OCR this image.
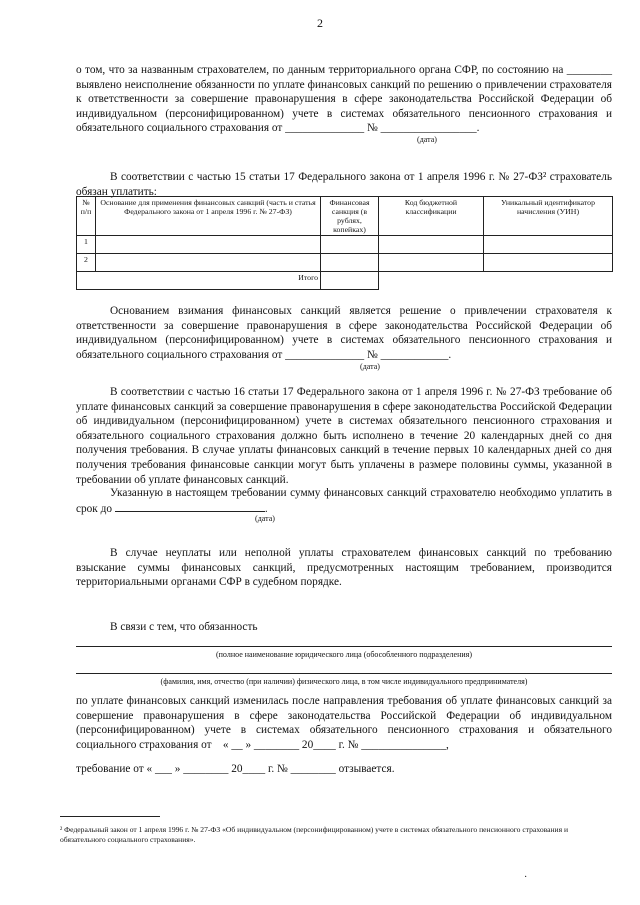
2
о том, что за названным страхователем, по данным территориального органа СФР, по состоянию на ________ выявлено неисполнение обязанности по уплате финансовых санкций по решению о привлечении страхователя к ответственности за совершение правонарушения в сфере законодательства Российской Федерации об индивидуальном (персонифицированном) учете в системах обязательного пенсионного страхования и обязательного социального страхования от ______________ № _________________.
(дата)
В соответствии с частью 15 статьи 17 Федерального закона от 1 апреля 1996 г. № 27-ФЗ² страхователь обязан уплатить:
№ п/п	Основание для применения финансовых санкций (часть и статья Федерального закона от 1 апреля 1996 г. № 27-ФЗ)	Финансовая санкция (в рублях, копейках)	Код бюджетной классификации	Уникальный идентификатор начисления (УИН)
1				
2				
Итого				
Основанием взимания финансовых санкций является решение о привлечении страхователя к ответственности за совершение правонарушения в сфере законодательства Российской Федерации об индивидуальном (персонифицированном) учете в системах обязательного пенсионного страхования и обязательного социального страхования от ______________ № ____________.
(дата)
В соответствии с частью 16 статьи 17 Федерального закона от 1 апреля 1996 г. № 27-ФЗ требование об уплате финансовых санкций за совершение правонарушения в сфере законодательства Российской Федерации об индивидуальном (персонифицированном) учете в системах обязательного пенсионного страхования и обязательного социального страхования должно быть исполнено в течение 20 календарных дней со дня получения требования. В случае уплаты финансовых санкций в течение первых 10 календарных дней со дня получения требования финансовые санкции могут быть уплачены в размере половины суммы, указанной в требовании об уплате финансовых санкций.
Указанную в настоящем требовании сумму финансовых санкций страхователю необходимо уплатить в срок до	.
(дата)
В случае неуплаты или неполной уплаты страхователем финансовых санкций по требованию взыскание суммы финансовых санкций, предусмотренных настоящим требованием, производится территориальными органами СФР в судебном порядке.
В связи с тем, что обязанность
(полное наименование юридического лица (обособленного подразделения)
(фамилия, имя, отчество (при наличии) физического лица, в том числе индивидуального предпринимателя)
по уплате финансовых санкций изменилась после направления требования об уплате финансовых санкций за совершение правонарушения в сфере законодательства Российской Федерации об индивидуальном (персонифицированном) учете в системах обязательного пенсионного страхования и обязательного социального страхования от « __ » ________ 20____ г. № _______________,
требование от « ___ » ________ 20____ г. № ________ отзывается.
² Федеральный закон от 1 апреля 1996 г. № 27-ФЗ «Об индивидуальном (персонифицированном) учете в системах обязательного пенсионного страхования и обязательного социального страхования».
·
